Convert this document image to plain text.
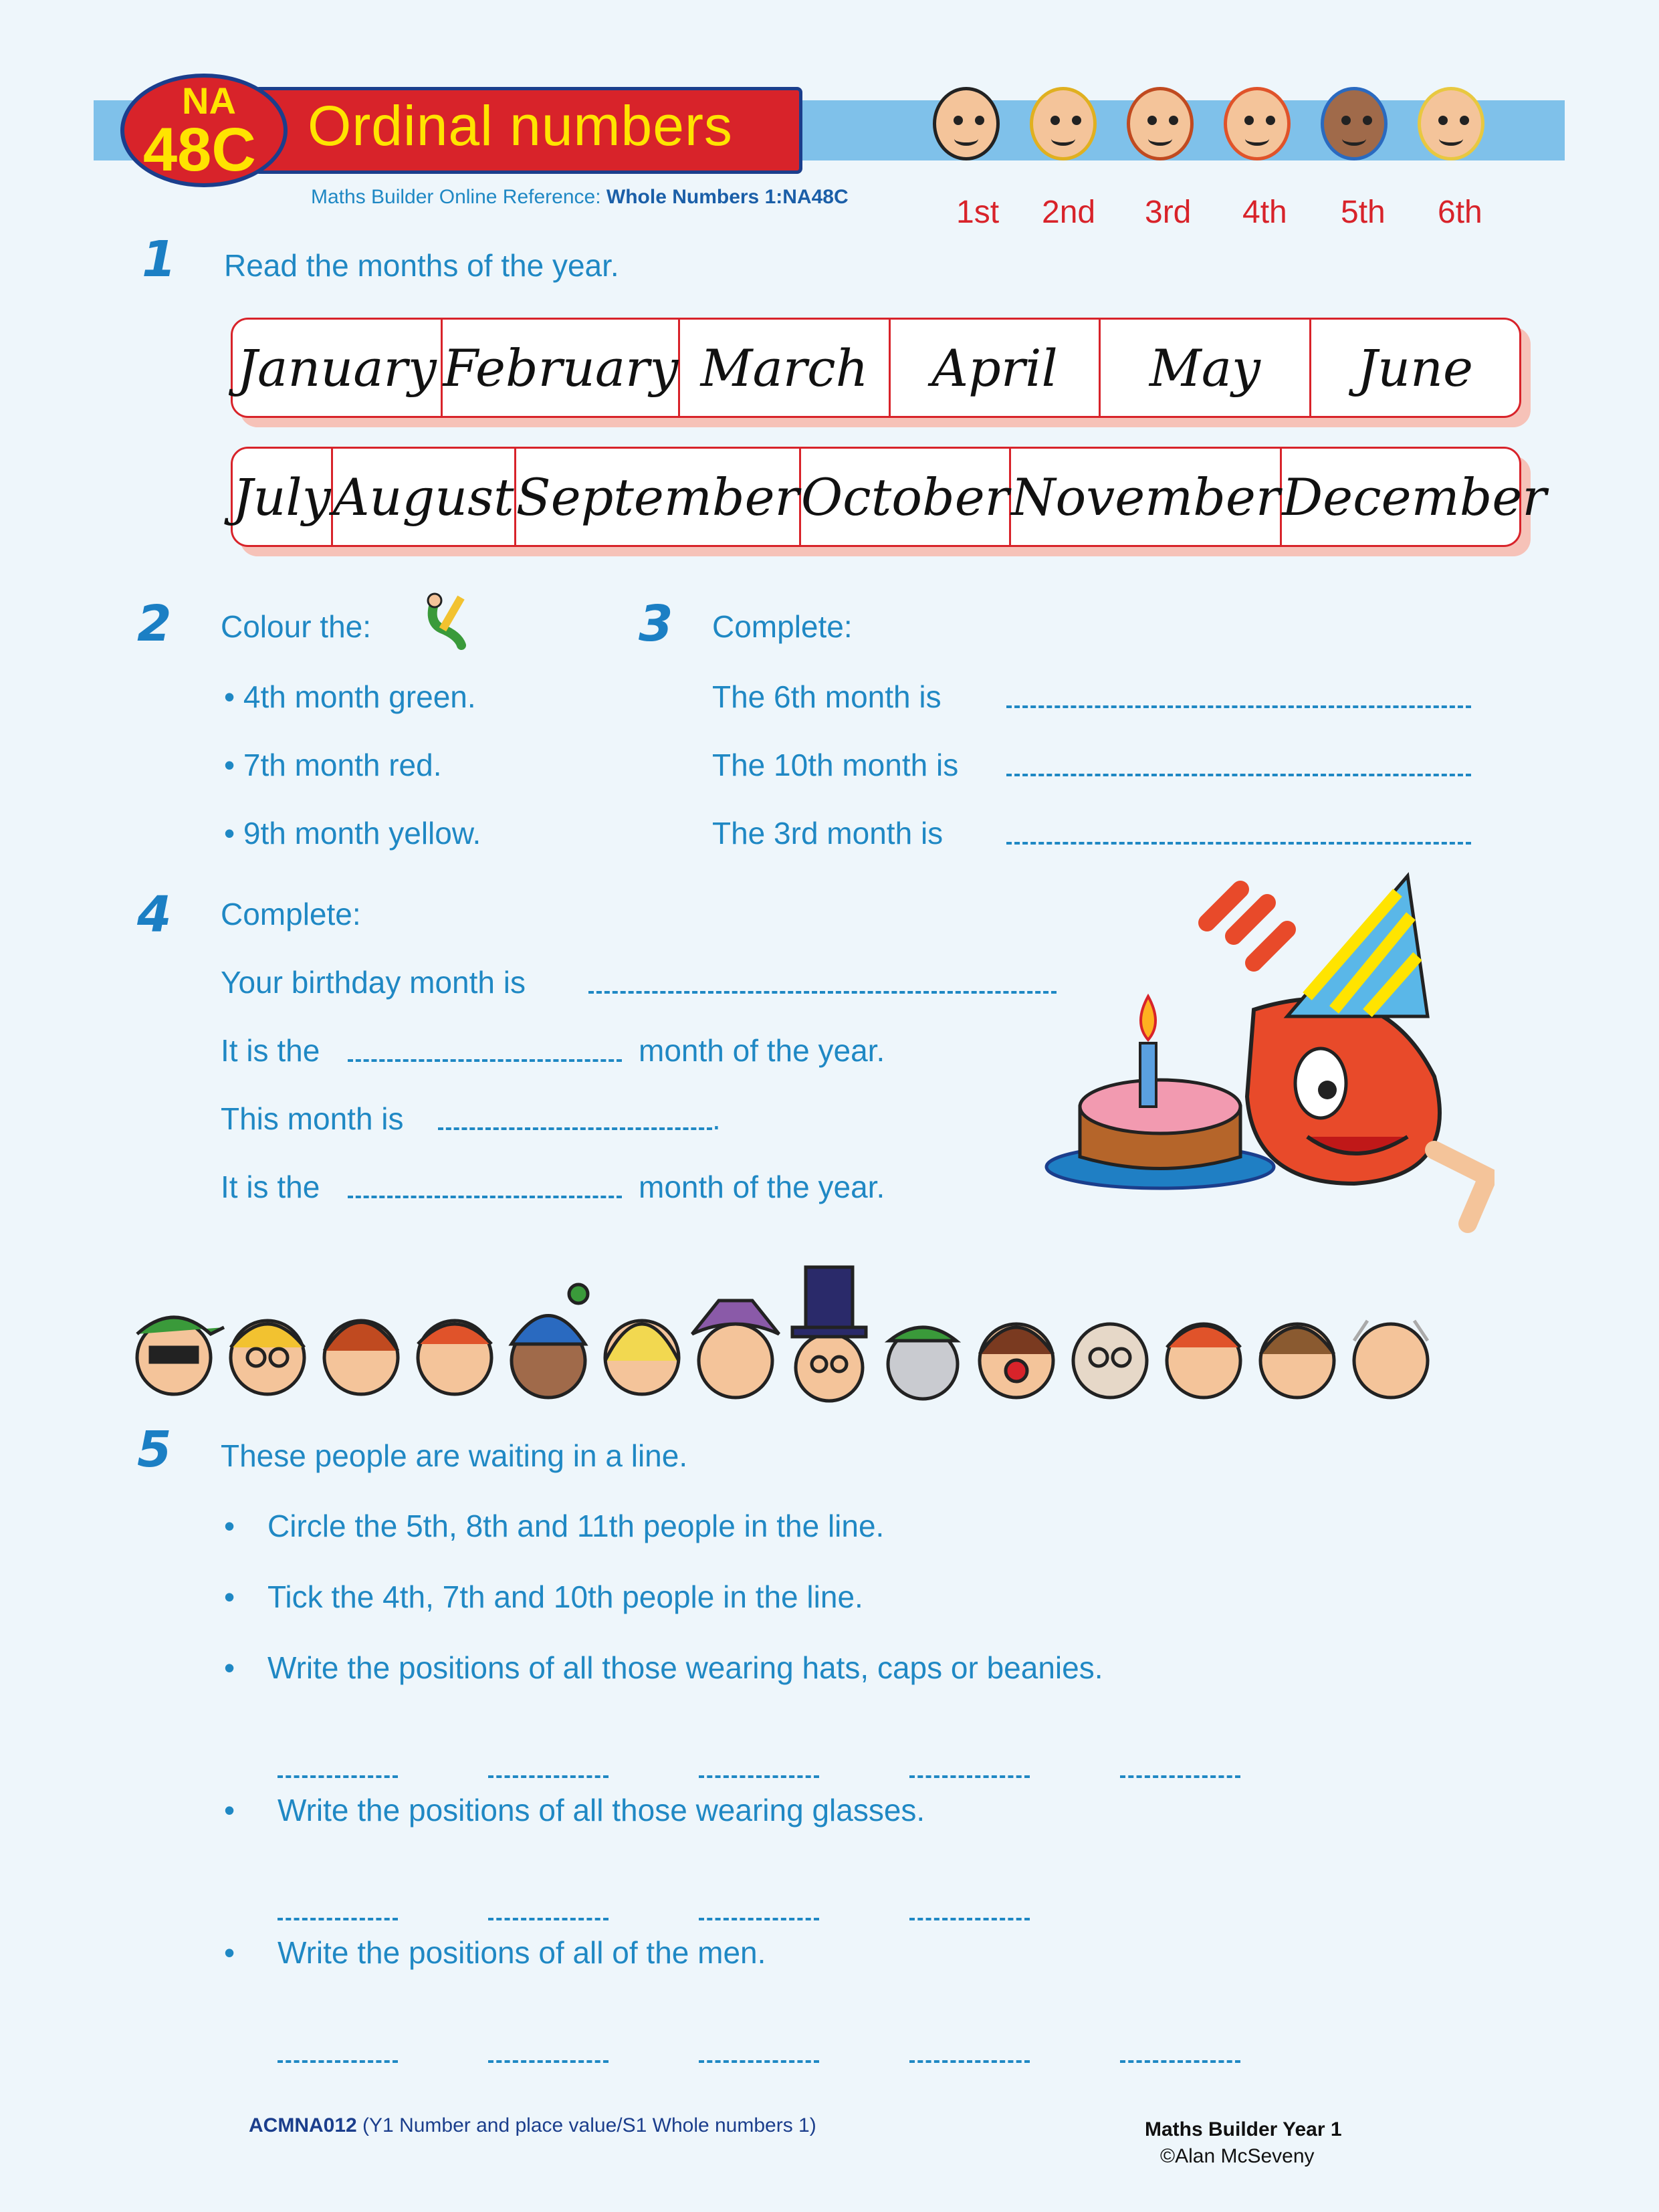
Ordinal numbers
NA
48C
Maths Builder Online Reference: Whole Numbers 1:NA48C	1st 2nd 3rd 4th 5th 6th
1 Read the months of the year.
January February March	April	May	June
July August September October November December
2 Colour the:
• 4th month green.
• 7th month red.
• 9th month yellow.
3 Complete:
The 6th month is
The 10th month is
The 3rd month is
4 Complete:
Your birthday month is
It is the	month of the year.
This month is	.
It is the	month of the year.
5 These people are waiting in a line.
• Circle the 5th, 8th and 11th people in the line.
• Tick the 4th, 7th and 10th people in the line.
• Write the positions of all those wearing hats, caps or beanies.
• Write the positions of all those wearing glasses.
• Write the positions of all of the men.
ACMNA012 (Y1 Number and place value/S1 Whole numbers 1)	Maths Builder Year 1
©Alan McSeveny
